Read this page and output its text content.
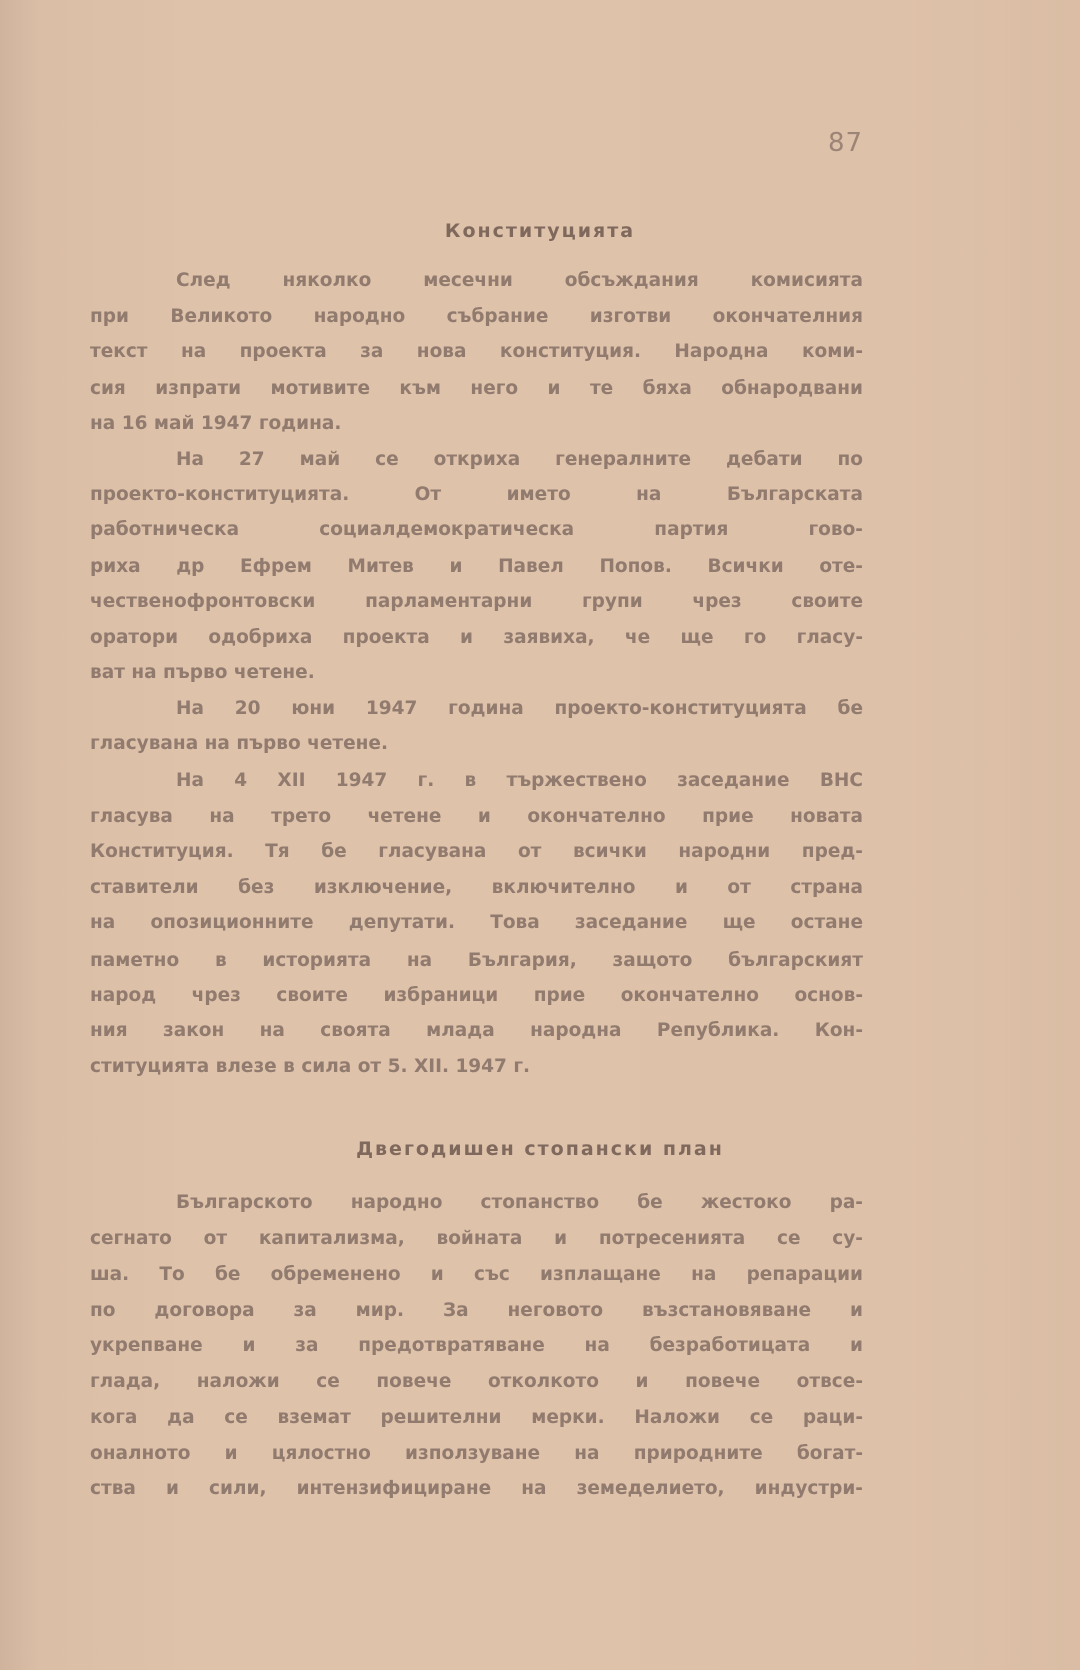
87
Конституцията
След няколко месечни обсъждания комисията
при Великото народно събрание изготви окончателния
текст на проекта за нова конституция. Народна коми-
сия изпрати мотивите към него и те бяха обнародвани
на 16 май 1947 година.
На 27 май се откриха генералните дебати по
проекто-конституцията. От името на Българската
работническа социалдемократическа партия гово-
риха др Ефрем Митев и Павел Попов. Всички оте-
чественофронтовски парламентарни групи чрез своите
оратори одобриха проекта и заявиха, че ще го гласу-
ват на първо четене.
На 20 юни 1947 година проекто-конституцията бе
гласувана на първо четене.
На 4 XII 1947 г. в тържествено заседание ВНС
гласува на трето четене и окончателно прие новата
Конституция. Тя бе гласувана от всички народни пред-
ставители без изключение, включително и от страна
на опозиционните депутати. Това заседание ще остане
паметно в историята на България, защото българският
народ чрез своите избраници прие окончателно основ-
ния закон на своята млада народна Република. Кон-
ституцията влезе в сила от 5. XII. 1947 г.
Двегодишен стопански план
Българското народно стопанство бе жестоко ра-
сегнато от капитализма, войната и потресенията се су-
ша. То бе обременено и със изплащане на репарации
по договора за мир. За неговото възстановяване и
укрепване и за предотвратяване на безработицата и
глада, наложи се повече отколкото и повече отвсе-
кога да се вземат решителни мерки. Наложи се раци-
оналното и цялостно използуване на природните богат-
ства и сили, интензифициране на земеделието, индустри-
